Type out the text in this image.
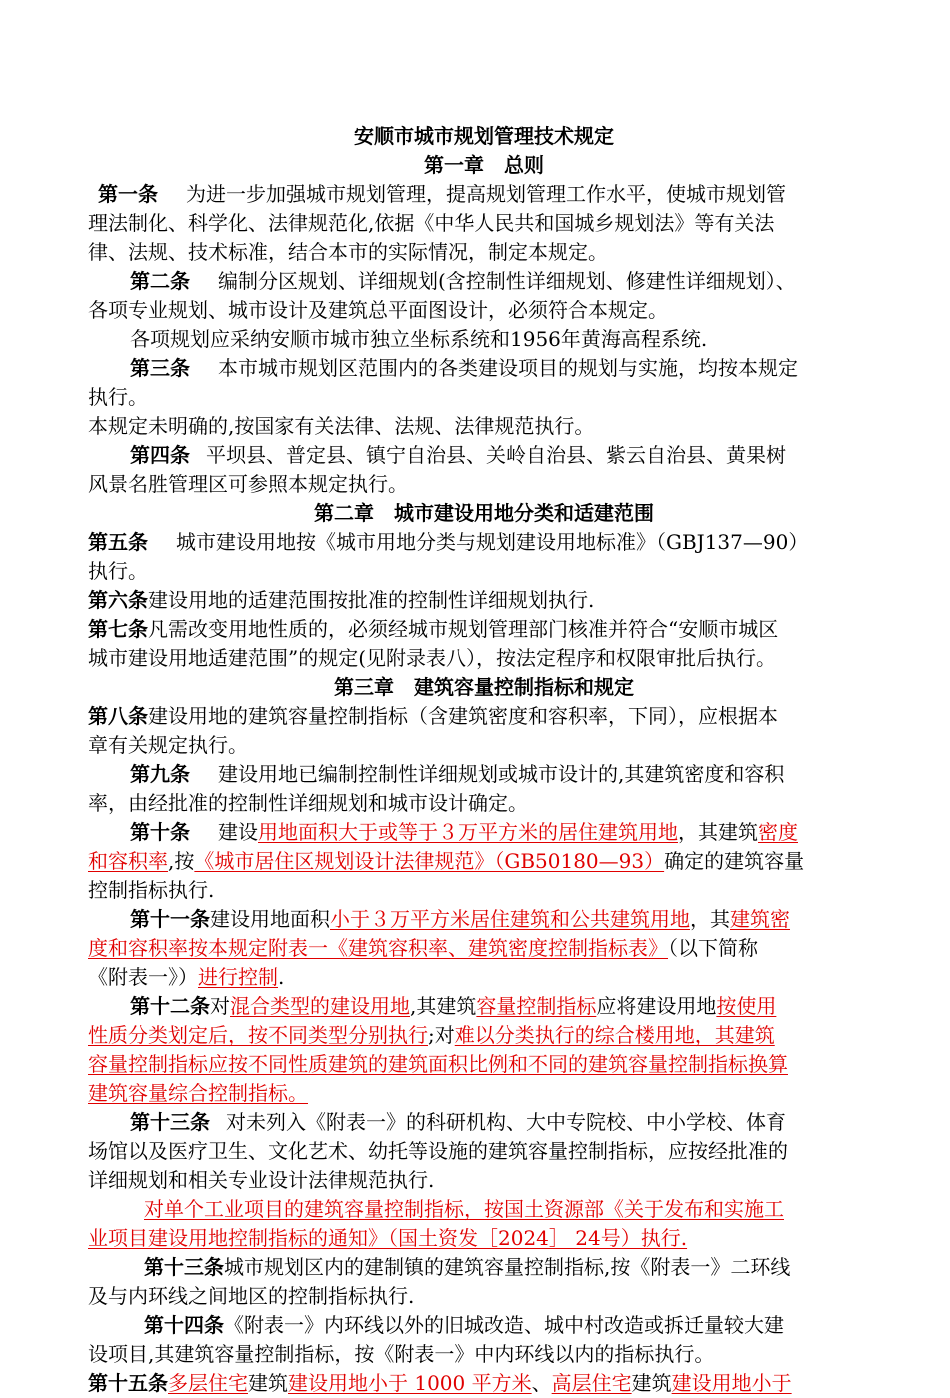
安顺市城市规划管理技术规定
第一章　总则
第一条 为进一步加强城市规划管理，提高规划管理工作水平，使城市规划管
理法制化、科学化、法律规范化,依据《中华人民共和国城乡规划法》等有关法
律、法规、技术标准，结合本市的实际情况，制定本规定。
第二条 编制分区规划、详细规划(含控制性详细规划、修建性详细规划）、
各项专业规划、城市设计及建筑总平面图设计，必须符合本规定。
各项规划应采纳安顺市城市独立坐标系统和1956年黄海高程系统.
第三条 本市城市规划区范围内的各类建设项目的规划与实施，均按本规定
执行。
本规定未明确的,按国家有关法律、法规、法律规范执行。
第四条 平坝县、普定县、镇宁自治县、关岭自治县、紫云自治县、黄果树
风景名胜管理区可参照本规定执行。
第二章　城市建设用地分类和适建范围
第五条 城市建设用地按《城市用地分类与规划建设用地标准》（GBJ137—90）
执行。
第六条建设用地的适建范围按批准的控制性详细规划执行.
第七条凡需改变用地性质的，必须经城市规划管理部门核准并符合“安顺市城区
城市建设用地适建范围”的规定(见附录表八），按法定程序和权限审批后执行。
第三章　建筑容量控制指标和规定
第八条建设用地的建筑容量控制指标（含建筑密度和容积率，下同），应根据本
章有关规定执行。
第九条 建设用地已编制控制性详细规划或城市设计的,其建筑密度和容积
率，由经批准的控制性详细规划和城市设计确定。
第十条 建设用地面积大于或等于３万平方米的居住建筑用地，其建筑密度
和容积率,按《城市居住区规划设计法律规范》（GB50180—93）确定的建筑容量
控制指标执行.
第十一条建设用地面积小于３万平方米居住建筑和公共建筑用地，其建筑密
度和容积率按本规定附表一《建筑容积率、建筑密度控制指标表》（以下简称
《附表一》）进行控制.
第十二条对混合类型的建设用地,其建筑容量控制指标应将建设用地按使用
性质分类划定后，按不同类型分别执行;对难以分类执行的综合楼用地，其建筑
容量控制指标应按不同性质建筑的建筑面积比例和不同的建筑容量控制指标换算
建筑容量综合控制指标。
第十三条 对未列入《附表一》的科研机构、大中专院校、中小学校、体育
场馆以及医疗卫生、文化艺术、幼托等设施的建筑容量控制指标，应按经批准的
详细规划和相关专业设计法律规范执行.
对单个工业项目的建筑容量控制指标，按国土资源部《关于发布和实施工
业项目建设用地控制指标的通知》（国土资发［2024］ 24号）执行.
第十三条城市规划区内的建制镇的建筑容量控制指标,按《附表一》二环线
及与内环线之间地区的控制指标执行.
第十四条《附表一》内环线以外的旧城改造、城中村改造或拆迁量较大建
设项目,其建筑容量控制指标，按《附表一》中内环线以内的指标执行。
第十五条多层住宅建筑建设用地小于 1000 平方米、高层住宅建筑建设用地小于
